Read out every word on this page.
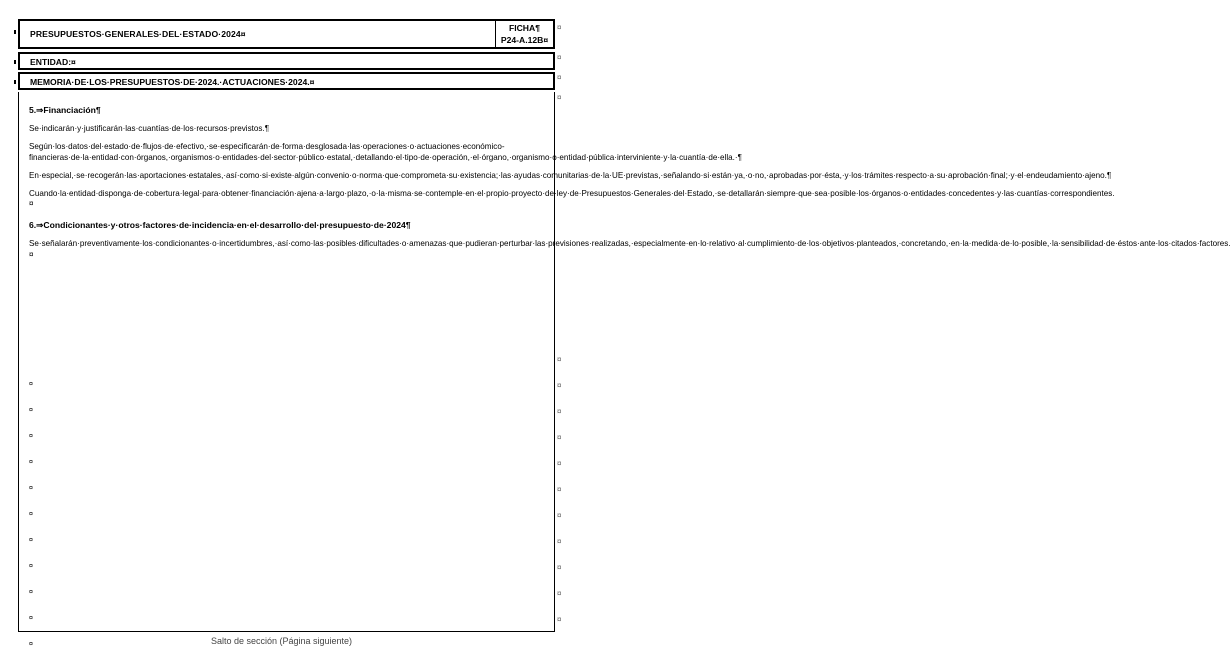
PRESUPUESTOS·GENERALES·DEL·ESTADO·2024¤
FICHA¶
P24-A.12B¤
ENTIDAD:¤
MEMORIA·DE·LOS·PRESUPUESTOS·DE·2024.·ACTUACIONES·2024.¤
5.⇒Financiación¶

Se·indicarán·y·justificarán·las·cuantías·de·los·recursos·previstos.¶

Según·los·datos·del·estado·de·flujos·de·efectivo,·se·especificarán·de·forma·desglosada·las·operaciones·o·actuaciones·económico-financieras·de·la·entidad·con·órganos,·organismos·o·entidades·del·sector·público·estatal,·detallando·el·tipo·de·operación,·el·órgano,·organismo·o·entidad·pública·interviniente·y·la·cuantía·de·ella.·¶

En·especial,·se·recogerán·las·aportaciones·estatales,·así·como·si·existe·algún·convenio·o·norma·que·comprometa·su·existencia;·las·ayudas·comunitarias·de·la·UE·previstas,·señalando·si·están·ya,·o·no,·aprobadas·por·ésta,·y·los·trámites·respecto·a·su·aprobación·final;·y·el·endeudamiento·ajeno.¶

Cuando·la·entidad·disponga·de·cobertura·legal·para·obtener·financiación·ajena·a·largo·plazo,·o·la·misma·se·contemple·en·el·propio·proyecto·de·ley·de·Presupuestos·Generales·del·Estado,·se·detallarán·siempre·que·sea·posible·los·órganos·o·entidades·concedentes·y·las·cuantías·correspondientes.¤

6.⇒Condicionantes·y·otros·factores·de·incidencia·en·el·desarrollo·del·presupuesto·de·2024¶

Se·señalarán·preventivamente·los·condicionantes·o·incertidumbres,·así·como·las·posibles·dificultades·o·amenazas·que·pudieran·perturbar·las·previsiones·realizadas,·especialmente·en·lo·relativo·al·cumplimiento·de·los·objetivos·planteados,·concretando,·en·la·medida·de·lo·posible,·la·sensibilidad·de·éstos·ante·los·citados·factores.¤

¤
¤
¤
¤
¤
¤
¤
¤
¤
¤
¤
¤
¤
¤
¤
¤
¤
¤
¤
¤
¤
¤
¤
¤
¤
¤
Salto de sección (Página siguiente)
